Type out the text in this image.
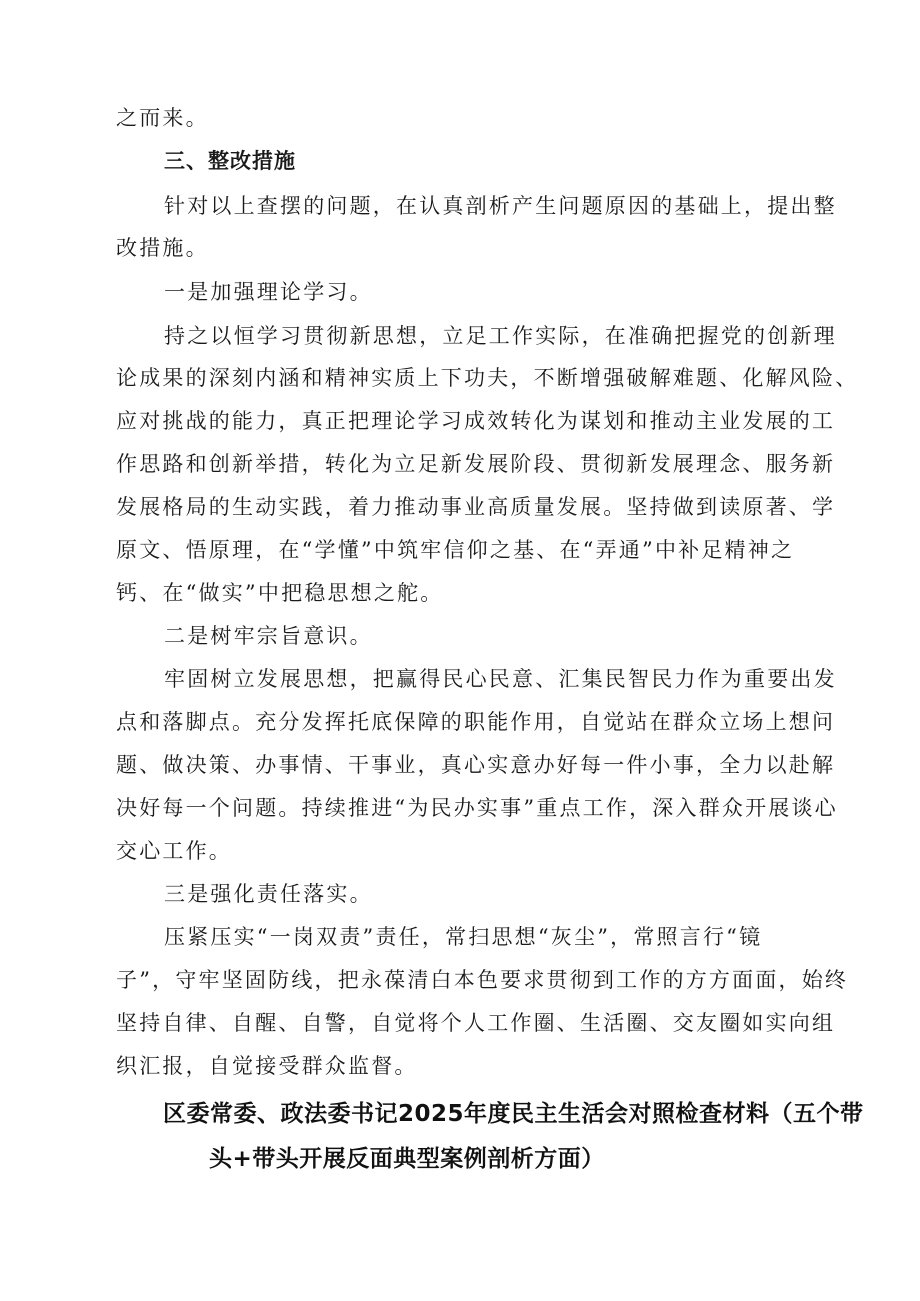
之而来。
三、整改措施
针对以上查摆的问题，在认真剖析产生问题原因的基础上，提出整
改措施。
一是加强理论学习。
持之以恒学习贯彻新思想，立足工作实际，在准确把握党的创新理
论成果的深刻内涵和精神实质上下功夫，不断增强破解难题、化解风险、
应对挑战的能力，真正把理论学习成效转化为谋划和推动主业发展的工
作思路和创新举措，转化为立足新发展阶段、贯彻新发展理念、服务新
发展格局的生动实践，着力推动事业高质量发展。坚持做到读原著、学
原文、悟原理，在“学懂”中筑牢信仰之基、在“弄通”中补足精神之
钙、在“做实”中把稳思想之舵。
二是树牢宗旨意识。
牢固树立发展思想，把赢得民心民意、汇集民智民力作为重要出发
点和落脚点。充分发挥托底保障的职能作用，自觉站在群众立场上想问
题、做决策、办事情、干事业，真心实意办好每一件小事，全力以赴解
决好每一个问题。持续推进“为民办实事”重点工作，深入群众开展谈心
交心工作。
三是强化责任落实。
压紧压实“一岗双责”责任，常扫思想“灰尘”，常照言行“镜
子”，守牢坚固防线，把永葆清白本色要求贯彻到工作的方方面面，始终
坚持自律、自醒、自警，自觉将个人工作圈、生活圈、交友圈如实向组
织汇报，自觉接受群众监督。
区委常委、政法委书记2025年度民主生活会对照检查材料（五个带
头+带头开展反面典型案例剖析方面）
